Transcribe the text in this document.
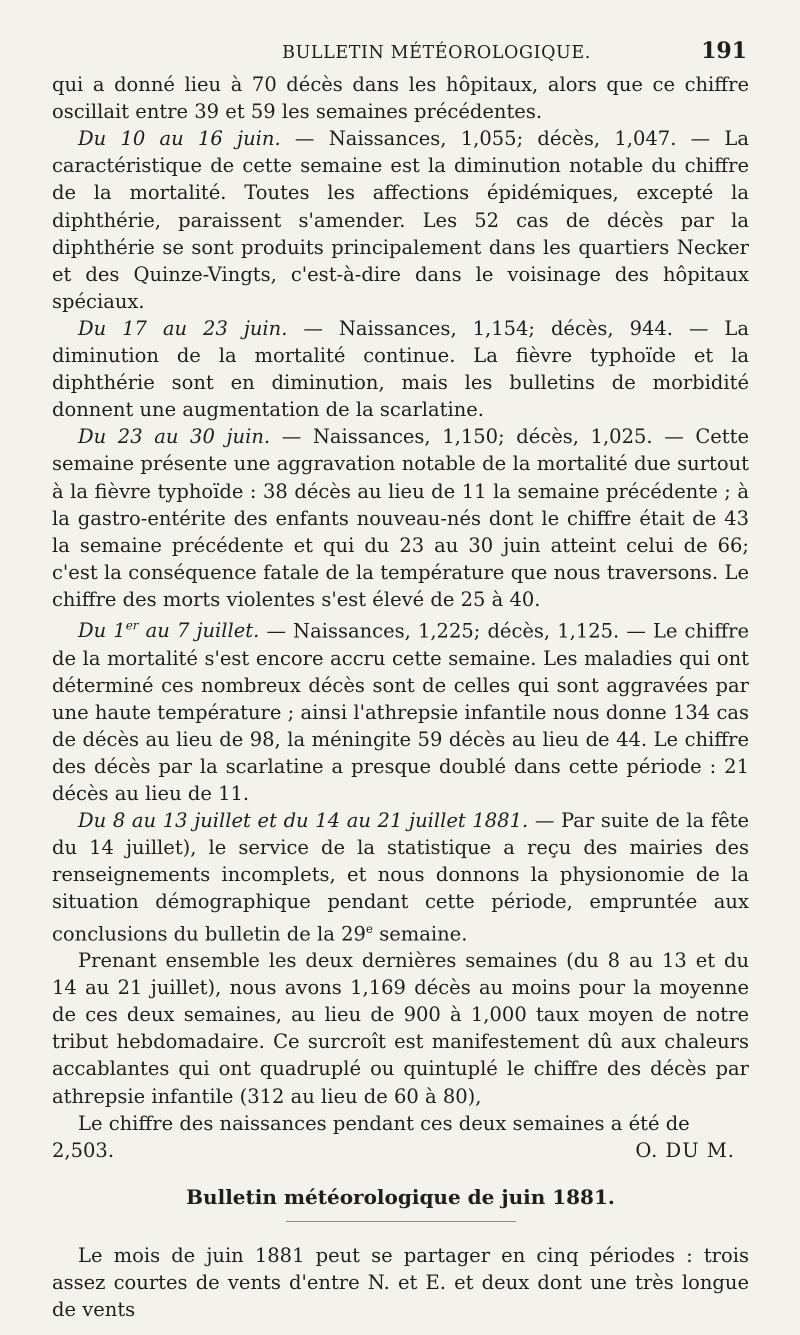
BULLETIN MÉTÉOROLOGIQUE.	191

qui a donné lieu à 70 décès dans les hôpitaux, alors que ce chiffre oscillait entre 39 et 59 les semaines précédentes.

Du 10 au 16 juin. — Naissances, 1,055; décès, 1,047. — La caractéristique de cette semaine est la diminution notable du chiffre de la mortalité. Toutes les affections épidémiques, excepté la diphthérie, paraissent s'amender. Les 52 cas de décès par la diphthérie se sont produits principalement dans les quartiers Necker et des Quinze-Vingts, c'est-à-dire dans le voisinage des hôpitaux spéciaux.

Du 17 au 23 juin. — Naissances, 1,154; décès, 944. — La diminution de la mortalité continue. La fièvre typhoïde et la diphthérie sont en diminution, mais les bulletins de morbidité donnent une augmentation de la scarlatine.

Du 23 au 30 juin. — Naissances, 1,150; décès, 1,025. — Cette semaine présente une aggravation notable de la mortalité due surtout à la fièvre typhoïde : 38 décès au lieu de 11 la semaine précédente ; à la gastro-entérite des enfants nouveau-nés dont le chiffre était de 43 la semaine précédente et qui du 23 au 30 juin atteint celui de 66; c'est la conséquence fatale de la température que nous traversons. Le chiffre des morts violentes s'est élevé de 25 à 40.

Du 1er au 7 juillet. — Naissances, 1,225; décès, 1,125. — Le chiffre de la mortalité s'est encore accru cette semaine. Les maladies qui ont déterminé ces nombreux décès sont de celles qui sont aggravées par une haute température ; ainsi l'athrepsie infantile nous donne 134 cas de décès au lieu de 98, la méningite 59 décès au lieu de 44. Le chiffre des décès par la scarlatine a presque doublé dans cette période : 21 décès au lieu de 11.

Du 8 au 13 juillet et du 14 au 21 juillet 1881. — Par suite de la fête du 14 juillet), le service de la statistique a reçu des mairies des renseignements incomplets, et nous donnons la physionomie de la situation démographique pendant cette période, empruntée aux conclusions du bulletin de la 29e semaine.

Prenant ensemble les deux dernières semaines (du 8 au 13 et du 14 au 21 juillet), nous avons 1,169 décès au moins pour la moyenne de ces deux semaines, au lieu de 900 à 1,000 taux moyen de notre tribut hebdomadaire. Ce surcroît est manifestement dû aux chaleurs accablantes qui ont quadruplé ou quintuplé le chiffre des décès par athrepsie infantile (312 au lieu de 60 à 80),

Le chiffre des naissances pendant ces deux semaines a été de

2,503.	O. DU M.
Bulletin météorologique de juin 1881.

Le mois de juin 1881 peut se partager en cinq périodes : trois assez courtes de vents d'entre N. et E. et deux dont une très longue de vents
